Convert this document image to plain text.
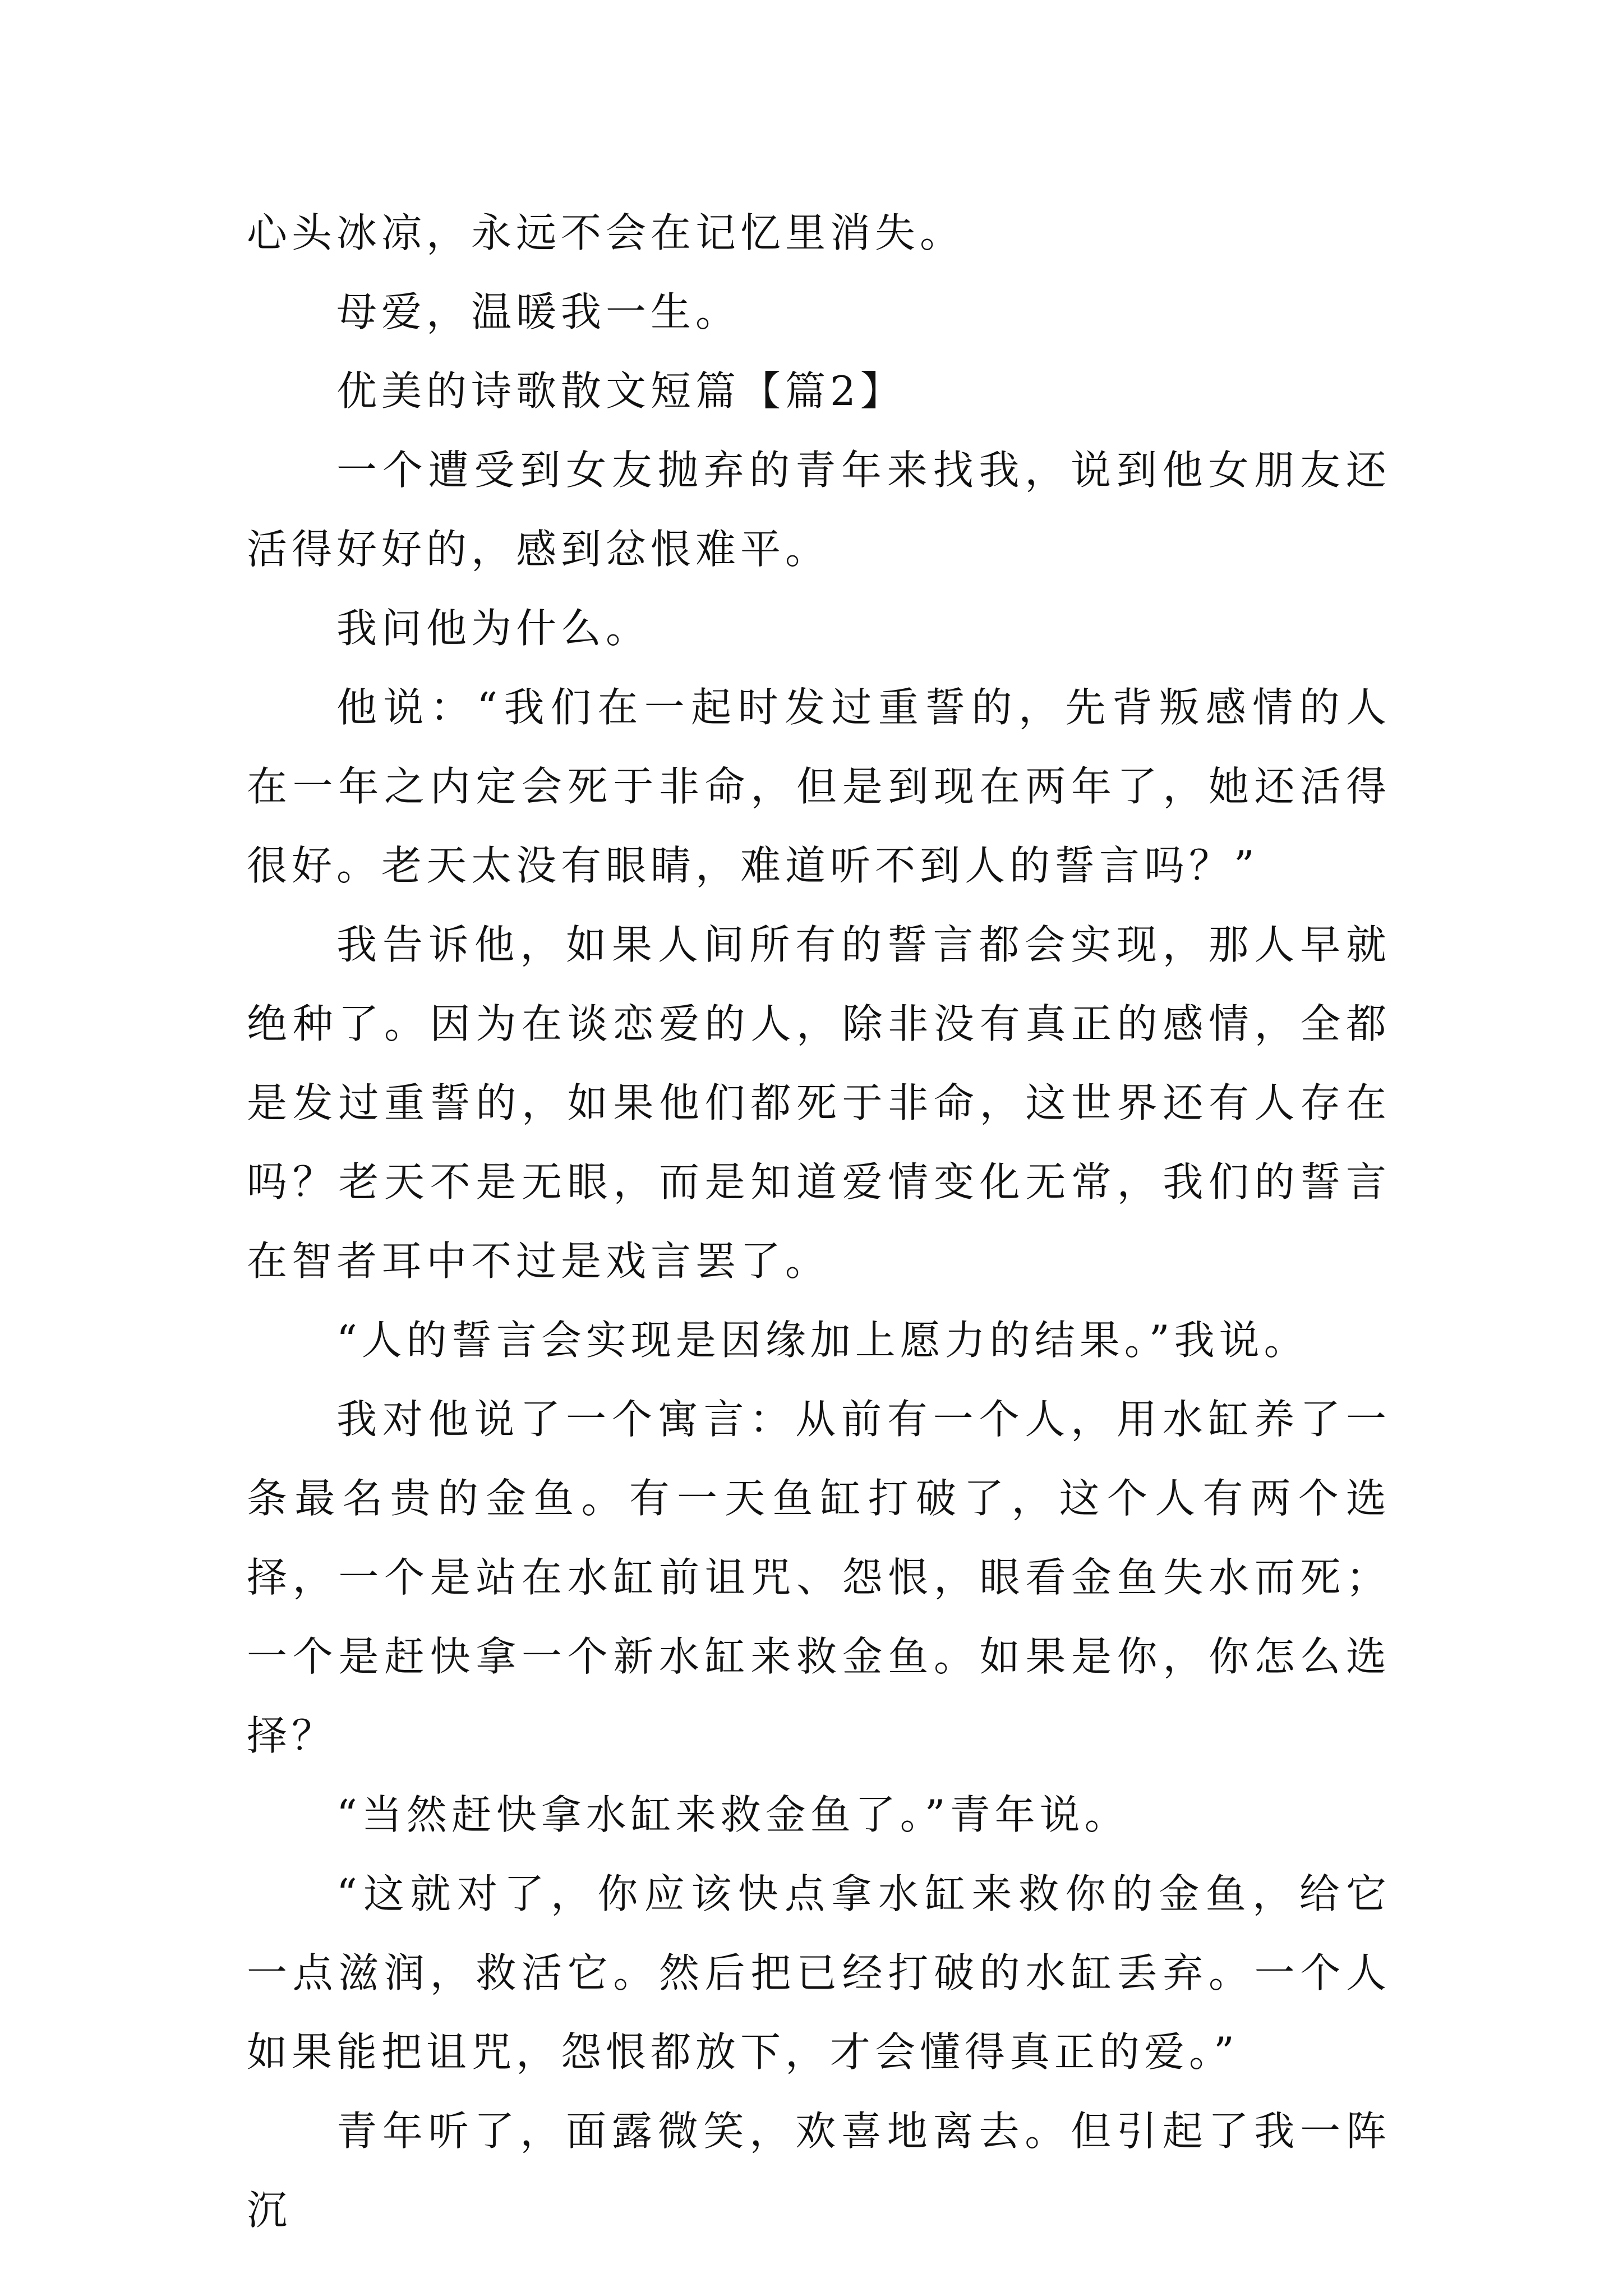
心头冰凉，永远不会在记忆里消失。

母爱，温暖我一生。

优美的诗歌散文短篇【篇2】

一个遭受到女友抛弃的青年来找我，说到他女朋友还活得好好的，感到忿恨难平。

我问他为什么。

他说：“我们在一起时发过重誓的，先背叛感情的人在一年之内定会死于非命，但是到现在两年了，她还活得很好。老天太没有眼睛，难道听不到人的誓言吗？”

我告诉他，如果人间所有的誓言都会实现，那人早就绝种了。因为在谈恋爱的人，除非没有真正的感情，全都是发过重誓的，如果他们都死于非命，这世界还有人存在吗？老天不是无眼，而是知道爱情变化无常，我们的誓言在智者耳中不过是戏言罢了。

“人的誓言会实现是因缘加上愿力的结果。”我说。

我对他说了一个寓言：从前有一个人，用水缸养了一条最名贵的金鱼。有一天鱼缸打破了，这个人有两个选择，一个是站在水缸前诅咒、怨恨，眼看金鱼失水而死；一个是赶快拿一个新水缸来救金鱼。如果是你，你怎么选择？

“当然赶快拿水缸来救金鱼了。”青年说。

“这就对了，你应该快点拿水缸来救你的金鱼，给它一点滋润，救活它。然后把已经打破的水缸丢弃。一个人如果能把诅咒，怨恨都放下，才会懂得真正的爱。”

青年听了，面露微笑，欢喜地离去。但引起了我一阵沉
